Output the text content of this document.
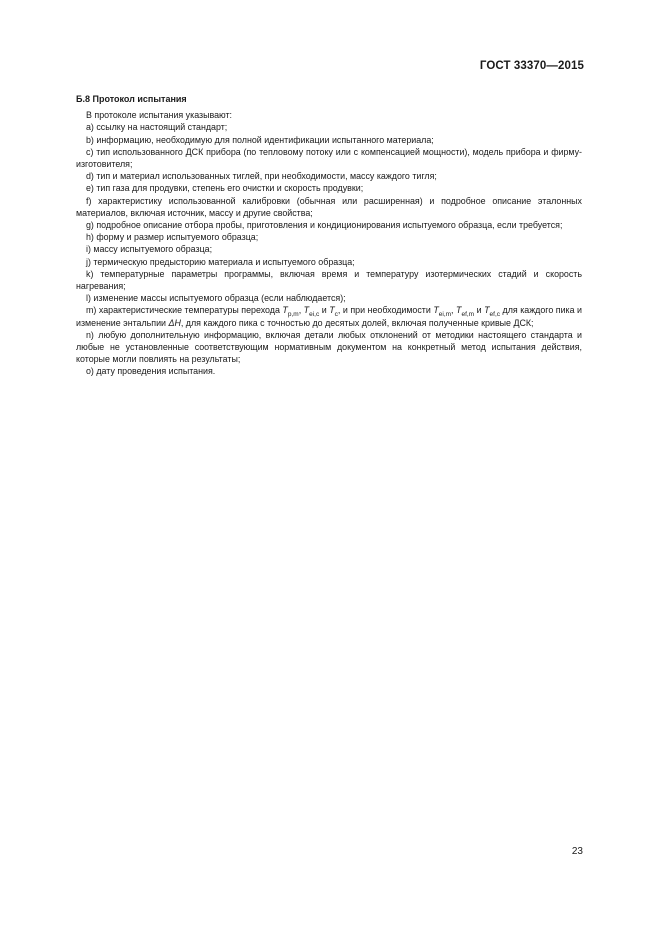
ГОСТ 33370—2015

Б.8 Протокол испытания

В протоколе испытания указывают:

а) ссылку на настоящий стандарт;

b) информацию, необходимую для полной идентификации испытанного материала;

с) тип использованного ДСК прибора (по тепловому потоку или с компенсацией мощности), модель прибора и фирму-изготовителя;

d) тип и материал использованных тиглей, при необходимости, массу каждого тигля;

е) тип газа для продувки, степень его очистки и скорость продувки;

f) характеристику использованной калибровки (обычная или расширенная) и подробное описание эталонных материалов, включая источник, массу и другие свойства;

g) подробное описание отбора пробы, приготовления и кондиционирования испытуемого образца, если требуется;

h) форму и размер испытуемого образца;

i) массу испытуемого образца;

j) термическую предысторию материала и испытуемого образца;

k) температурные параметры программы, включая время и температуру изотермических стадий и скорость нагревания;

l) изменение массы испытуемого образца (если наблюдается);

m) характеристические температуры перехода $T_{p,m}$, $T_{ei,c}$ и $T_c$, и при необходимости $T_{ei,m}$, $T_{ef,m}$ и $T_{ef,c}$ для каждого пика и изменение энтальпии ΔH, для каждого пика с точностью до десятых долей, включая полученные кривые ДСК;

n) любую дополнительную информацию, включая детали любых отклонений от методики настоящего стандарта и любые не установленные соответствующим нормативным документом на конкретный метод испытания действия, которые могли повлиять на результаты;

о) дату проведения испытания.

23
